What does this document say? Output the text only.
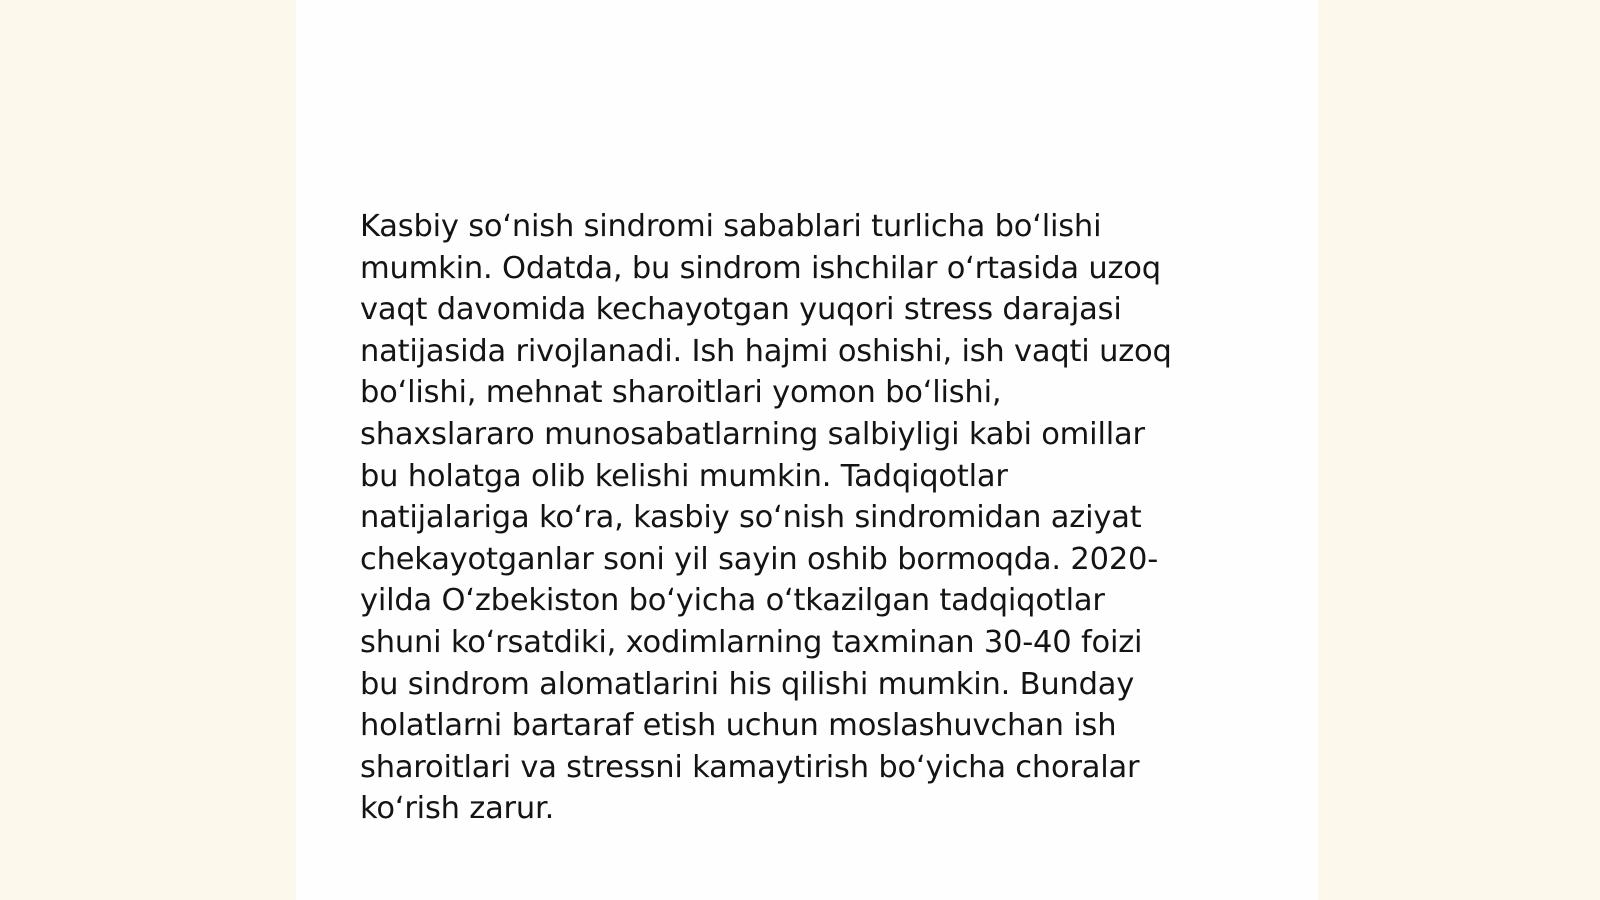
Kasbiy soʻnish sindromi sabablari turlicha boʻlishi
mumkin. Odatda, bu sindrom ishchilar oʻrtasida uzoq
vaqt davomida kechayotgan yuqori stress darajasi
natijasida rivojlanadi. Ish hajmi oshishi, ish vaqti uzoq
boʻlishi, mehnat sharoitlari yomon boʻlishi,
shaxslararo munosabatlarning salbiyligi kabi omillar
bu holatga olib kelishi mumkin. Tadqiqotlar
natijalariga koʻra, kasbiy soʻnish sindromidan aziyat
chekayotganlar soni yil sayin oshib bormoqda. 2020-
yilda Oʻzbekiston boʻyicha oʻtkazilgan tadqiqotlar
shuni koʻrsatdiki, xodimlarning taxminan 30-40 foizi
bu sindrom alomatlarini his qilishi mumkin. Bunday
holatlarni bartaraf etish uchun moslashuvchan ish
sharoitlari va stressni kamaytirish boʻyicha choralar
koʻrish zarur.
